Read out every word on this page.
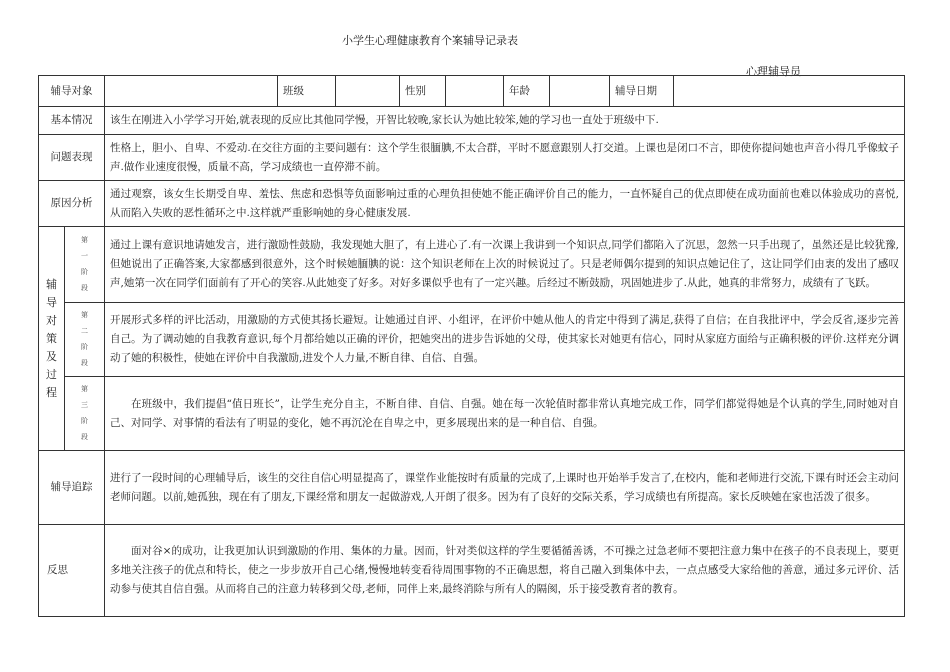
小学生心理健康教育个案辅导记录表
心理辅导员
辅导对象			班级		性别		年龄		辅导日期	
基本情况		该生在刚进入小学学习开始,就表现的反应比其他同学慢，开智比较晚,家长认为她比较笨,她的学习也一直处于班级中下.								
问题表现		性格上，胆小、自卑、不爱动.在交往方面的主要问题有：这个学生很腼腆,不太合群，平时不愿意跟别人打交道。上课也是闭口不言，即使你提问她也声音小得几乎像蚊子声.做作业速度很慢，质量不高，学习成绩也一直停滞不前。								
原因分析		通过观察，该女生长期受自卑、羞怯、焦虑和恐惧等负面影响过重的心理负担使她不能正确评价自己的能力，一直怀疑自己的优点即使在成功面前也难以体验成功的喜悦,从而陷入失败的恶性循环之中.这样就严重影响她的身心健康发展.								
辅导对策及过程	第一阶段	通过上课有意识地请她发言，进行激励性鼓励，我发现她大胆了，有上进心了.有一次课上我讲到一个知识点,同学们都陷入了沉思，忽然一只手出现了，虽然还是比较犹豫,但她说出了正确答案,大家都感到很意外，这个时候她腼腆的说：这个知识老师在上次的时候说过了。只是老师偶尔提到的知识点她记住了，这让同学们由衷的发出了感叹声,她第一次在同学们面前有了开心的笑容.从此她变了好多。对好多课似乎也有了一定兴趣。后经过不断鼓励，巩固她进步了.从此，她真的非常努力，成绩有了飞跃。								
	第二阶段	开展形式多样的评比活动，用激励的方式使其扬长避短。让她通过自评、小组评，在评价中她从他人的肯定中得到了满足,获得了自信；在自我批评中，学会反省,逐步完善自己。为了调动她的自我教育意识,每个月都给她以正确的评价，把她突出的进步告诉她的父母，使其家长对她更有信心，同时从家庭方面给与正确积极的评价.这样充分调动了她的积极性，使她在评价中自我激励,进发个人力量,不断自律、自信、自强。								
	第三阶段	在班级中，我们提倡“值日班长”，让学生充分自主，不断自律、自信、自强。她在每一次轮值时都非常认真地完成工作，同学们都觉得她是个认真的学生,同时她对自己、对同学、对事情的看法有了明显的变化，她不再沉沦在自卑之中，更多展现出来的是一种自信、自强。								
辅导追踪		进行了一段时间的心理辅导后，该生的交往自信心明显提高了，课堂作业能按时有质量的完成了,上课时也开始举手发言了,在校内，能和老师进行交流,下课有时还会主动问老师问题。以前,她孤独，现在有了朋友,下课经常和朋友一起做游戏,人开朗了很多。因为有了良好的交际关系，学习成绩也有所提高。家长反映她在家也活泼了很多。								
反思		面对谷×的成功，让我更加认识到激励的作用、集体的力量。因而，针对类似这样的学生要循循善诱，不可操之过急老师不要把注意力集中在孩子的不良表现上，要更多地关注孩子的优点和特长，使之一步步放开自己心绪,慢慢地转变看待周围事物的不正确思想，将自己融入到集体中去，一点点感受大家给他的善意，通过多元评价、活动参与使其自信自强。从而将自己的注意力转移到父母,老师，同伴上来,最终消除与所有人的隔阂，乐于接受教育者的教育。								
